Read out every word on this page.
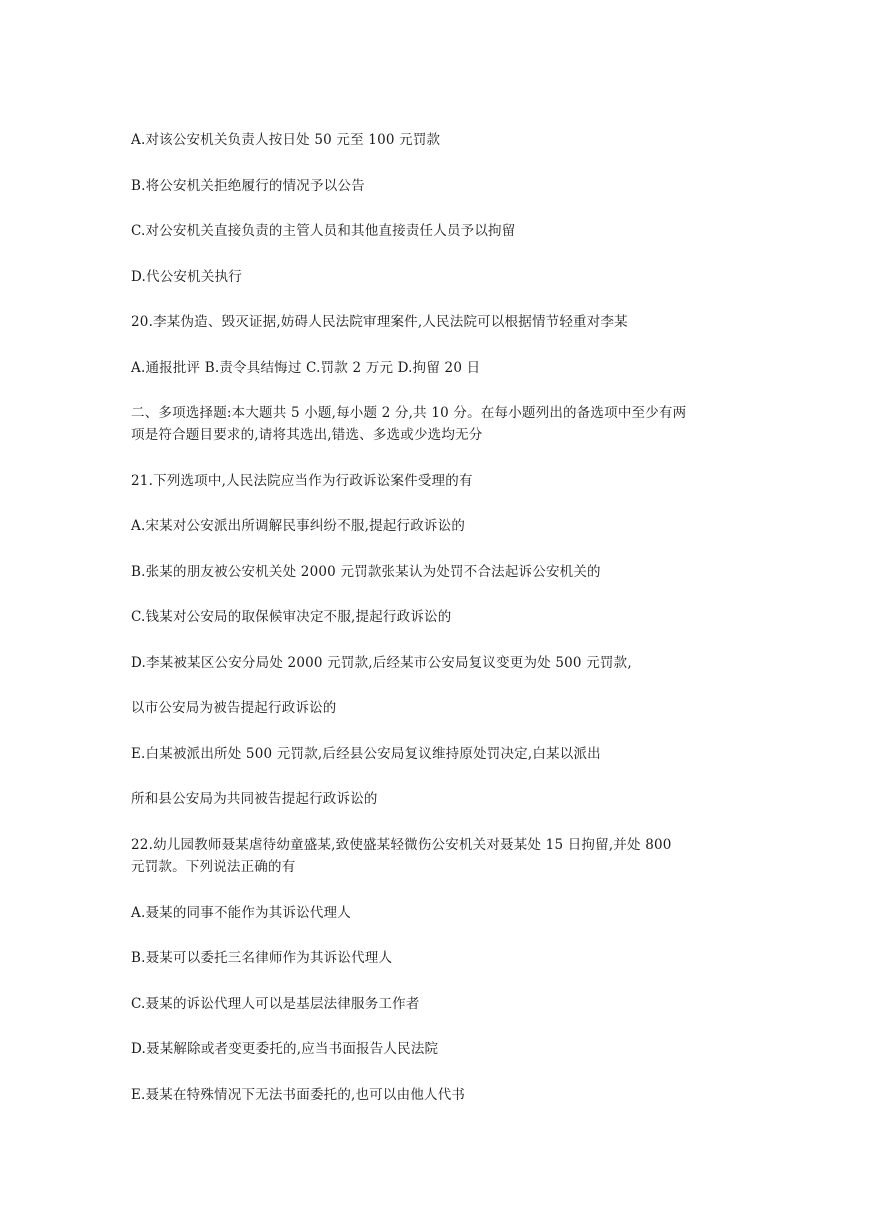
A.对该公安机关负责人按日处 50 元至 100 元罚款
B.将公安机关拒绝履行的情况予以公告
C.对公安机关直接负责的主管人员和其他直接责任人员予以拘留
D.代公安机关执行
20.李某伪造、毁灭证据,妨碍人民法院审理案件,人民法院可以根据情节轻重对李某
A.通报批评 B.责令具结悔过 C.罚款 2 万元 D.拘留 20 日
二、多项选择题:本大题共 5 小题,每小题 2 分,共 10 分。在每小题列出的备选项中至少有两
项是符合题目要求的,请将其选出,错选、多选或少选均无分
21.下列选项中,人民法院应当作为行政诉讼案件受理的有
A.宋某对公安派出所调解民事纠纷不服,提起行政诉讼的
B.张某的朋友被公安机关处 2000 元罚款张某认为处罚不合法起诉公安机关的
C.钱某对公安局的取保候审决定不服,提起行政诉讼的
D.李某被某区公安分局处 2000 元罚款,后经某市公安局复议变更为处 500 元罚款,
以市公安局为被告提起行政诉讼的
E.白某被派出所处 500 元罚款,后经县公安局复议维持原处罚决定,白某以派出
所和县公安局为共同被告提起行政诉讼的
22.幼儿园教师聂某虐待幼童盛某,致使盛某轻微伤公安机关对聂某处 15 日拘留,并处 800
元罚款。下列说法正确的有
A.聂某的同事不能作为其诉讼代理人
B.聂某可以委托三名律师作为其诉讼代理人
C.聂某的诉讼代理人可以是基层法律服务工作者
D.聂某解除或者变更委托的,应当书面报告人民法院
E.聂某在特殊情况下无法书面委托的,也可以由他人代书
